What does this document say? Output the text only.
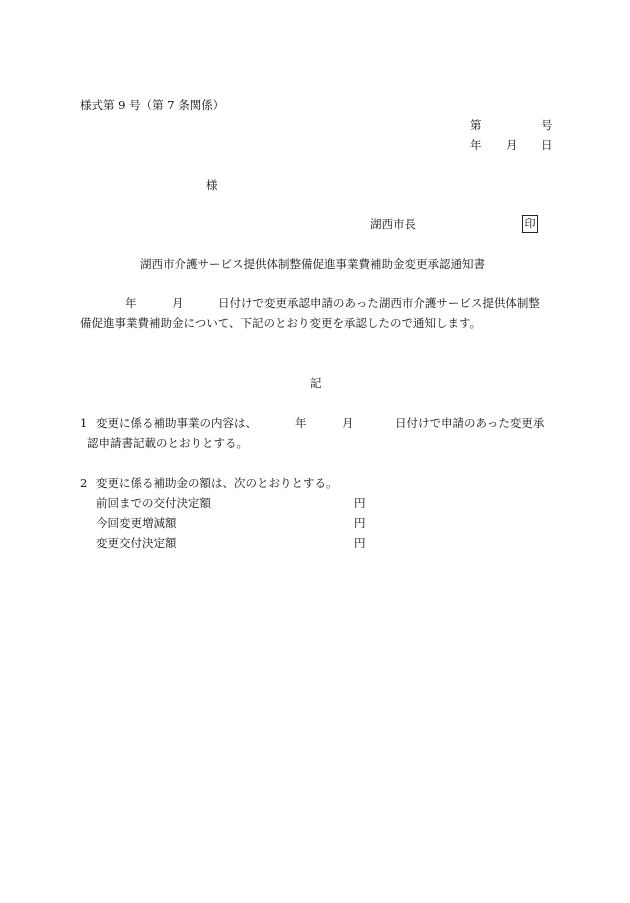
様式第 9 号（第 7 条関係）

第	号

年 月 日

様

湖西市長	印

湖西市介護サービス提供体制整備促進事業費補助金変更承認通知書

年	月	日付けで変更承認申請のあった湖西市介護サービス提供体制整

備促進事業費補助金について、下記のとおり変更を承認したので通知します。

記

1 変更に係る補助事業の内容は、	年	月	日付けで申請のあった変更承

認申請書記載のとおりとする。

2 変更に係る補助金の額は、次のとおりとする。

前回までの交付決定額	円

今回変更増減額	円

変更交付決定額	円
